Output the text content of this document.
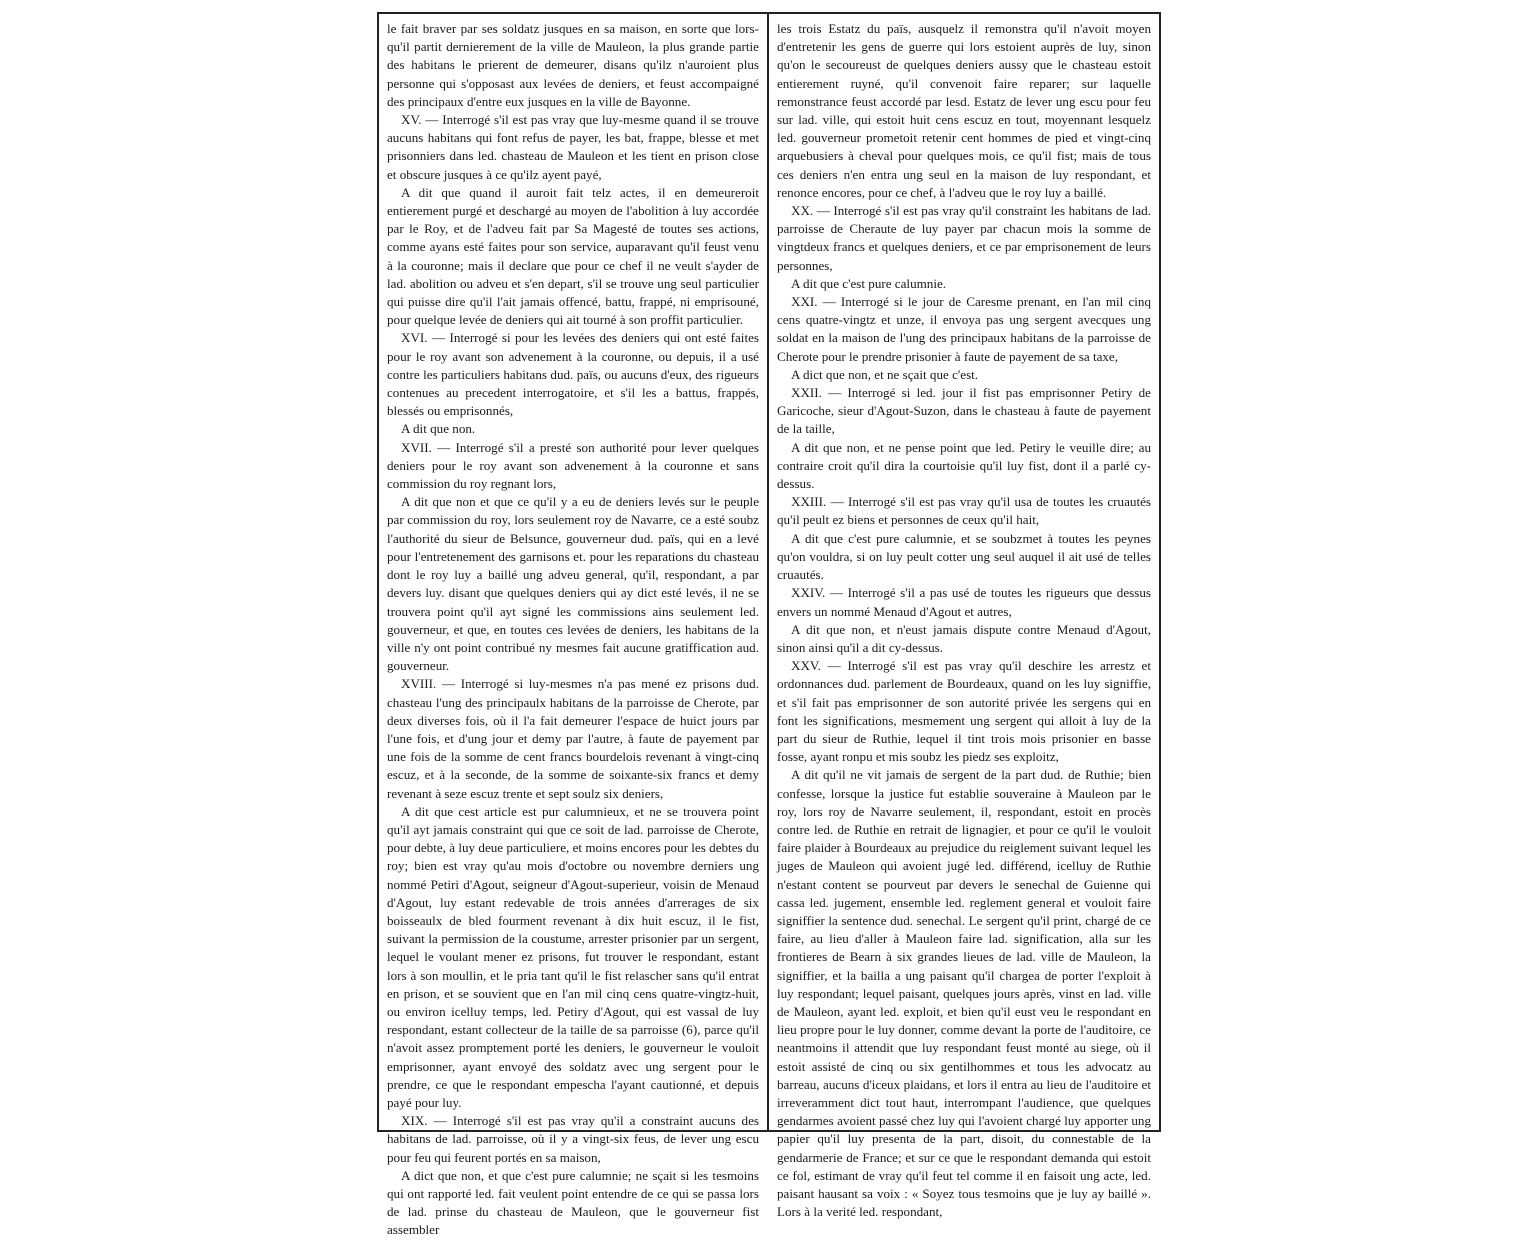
le fait braver par ses soldatz jusques en sa maison, en sorte que lors-qu'il partit dernierement de la ville de Mauleon, la plus grande partie des habitans le prierent de demeurer, disans qu'ilz n'auroient plus personne qui s'opposast aux levées de deniers, et feust accompaigné des principaux d'entre eux jusques en la ville de Bayonne.

XV. — Interrogé s'il est pas vray que luy-mesme quand il se trouve aucuns habitans qui font refus de payer, les bat, frappe, blesse et met prisonniers dans led. chasteau de Mauleon et les tient en prison close et obscure jusques à ce qu'ilz ayent payé,

A dit que quand il auroit fait telz actes, il en demeureroit entierement purgé et deschargé au moyen de l'abolition à luy accordée par le Roy, et de l'adveu fait par Sa Magesté de toutes ses actions, comme ayans esté faites pour son service, auparavant qu'il feust venu à la couronne; mais il declare que pour ce chef il ne veult s'ayder de lad. abolition ou adveu et s'en depart, s'il se trouve ung seul particulier qui puisse dire qu'il l'ait jamais offencé, battu, frappé, ni emprisouné, pour quelque levée de deniers qui ait tourné à son proffit particulier.

XVI. — Interrogé si pour les levées des deniers qui ont esté faites pour le roy avant son advenement à la couronne, ou depuis, il a usé contre les particuliers habitans dud. païs, ou aucuns d'eux, des rigueurs contenues au precedent interrogatoire, et s'il les a battus, frappés, blessés ou emprisonnés,

A dit que non.

XVII. — Interrogé s'il a presté son authorité pour lever quelques deniers pour le roy avant son advenement à la couronne et sans commission du roy regnant lors,

A dit que non et que ce qu'il y a eu de deniers levés sur le peuple par commission du roy, lors seulement roy de Navarre, ce a esté soubz l'authorité du sieur de Belsunce, gouverneur dud. païs, qui en a levé pour l'entretenement des garnisons et. pour les reparations du chasteau dont le roy luy a baillé ung adveu general, qu'il, respondant, a par devers luy. disant que quelques deniers qui ay dict esté levés, il ne se trouvera point qu'il ayt signé les commissions ains seulement led. gouverneur, et que, en toutes ces levées de deniers, les habitans de la ville n'y ont point contribué ny mesmes fait aucune gratiffication aud. gouverneur.

XVIII. — Interrogé si luy-mesmes n'a pas mené ez prisons dud. chasteau l'ung des principaulx habitans de la parroisse de Cherote, par deux diverses fois, où il l'a fait demeurer l'espace de huict jours par l'une fois, et d'ung jour et demy par l'autre, à faute de payement par une fois de la somme de cent francs bourdelois revenant à vingt-cinq escuz, et à la seconde, de la somme de soixante-six francs et demy revenant à seze escuz trente et sept soulz six deniers,

A dit que cest article est pur calumnieux, et ne se trouvera point qu'il ayt jamais constraint qui que ce soit de lad. parroisse de Cherote, pour debte, à luy deue particuliere, et moins encores pour les debtes du roy; bien est vray qu'au mois d'octobre ou novembre derniers ung nommé Petiri d'Agout, seigneur d'Agout-superieur, voisin de Menaud d'Agout, luy estant redevable de trois années d'arrerages de six boisseaulx de bled fourment revenant à dix huit escuz, il le fist, suivant la permission de la coustume, arrester prisonier par un sergent, lequel le voulant mener ez prisons, fut trouver le respondant, estant lors à son moullin, et le pria tant qu'il le fist relascher sans qu'il entrat en prison, et se souvient que en l'an mil cinq cens quatre-vingtz-huit, ou environ icelluy temps, led. Petiry d'Agout, qui est vassal de luy respondant, estant collecteur de la taille de sa parroisse (6), parce qu'il n'avoit assez promptement porté les deniers, le gouverneur le vouloit emprisonner, ayant envoyé des soldatz avec ung sergent pour le prendre, ce que le respondant empescha l'ayant cautionné, et depuis payé pour luy.

XIX. — Interrogé s'il est pas vray qu'il a constraint aucuns des habitans de lad. parroisse, où il y a vingt-six feus, de lever ung escu pour feu qui feurent portés en sa maison,

A dict que non, et que c'est pure calumnie; ne sçait si les tesmoins qui ont rapporté led. fait veulent point entendre de ce qui se passa lors de lad. prinse du chasteau de Mauleon, que le gouverneur fist assembler

les trois Estatz du païs, ausquelz il remonstra qu'il n'avoit moyen d'entretenir les gens de guerre qui lors estoient auprès de luy, sinon qu'on le secoureust de quelques deniers aussy que le chasteau estoit entierement ruyné, qu'il convenoit faire reparer; sur laquelle remonstrance feust accordé par lesd. Estatz de lever ung escu pour feu sur lad. ville, qui estoit huit cens escuz en tout, moyennant lesquelz led. gouverneur prometoit retenir cent hommes de pied et vingt-cinq arquebusiers à cheval pour quelques mois, ce qu'il fist; mais de tous ces deniers n'en entra ung seul en la maison de luy respondant, et renonce encores, pour ce chef, à l'adveu que le roy luy a baillé.

XX. — Interrogé s'il est pas vray qu'il constraint les habitans de lad. parroisse de Cheraute de luy payer par chacun mois la somme de vingtdeux francs et quelques deniers, et ce par emprisonement de leurs personnes,

A dit que c'est pure calumnie.

XXI. — Interrogé si le jour de Caresme prenant, en l'an mil cinq cens quatre-vingtz et unze, il envoya pas ung sergent avecques ung soldat en la maison de l'ung des principaux habitans de la parroisse de Cherote pour le prendre prisonier à faute de payement de sa taxe,

A dict que non, et ne sçait que c'est.

XXII. — Interrogé si led. jour il fist pas emprisonner Petiry de Garicoche, sieur d'Agout-Suzon, dans le chasteau à faute de payement de la taille,

A dit que non, et ne pense point que led. Petiry le veuille dire; au contraire croit qu'il dira la courtoisie qu'il luy fist, dont il a parlé cy-dessus.

XXIII. — Interrogé s'il est pas vray qu'il usa de toutes les cruautés qu'il peult ez biens et personnes de ceux qu'il hait,

A dit que c'est pure calumnie, et se soubzmet à toutes les peynes qu'on vouldra, si on luy peult cotter ung seul auquel il ait usé de telles cruautés.

XXIV. — Interrogé s'il a pas usé de toutes les rigueurs que dessus envers un nommé Menaud d'Agout et autres,

A dit que non, et n'eust jamais dispute contre Menaud d'Agout, sinon ainsi qu'il a dit cy-dessus.

XXV. — Interrogé s'il est pas vray qu'il deschire les arrestz et ordonnances dud. parlement de Bourdeaux, quand on les luy signiffie, et s'il fait pas emprisonner de son autorité privée les sergens qui en font les significations, mesmement ung sergent qui alloit à luy de la part du sieur de Ruthie, lequel il tint trois mois prisonier en basse fosse, ayant ronpu et mis soubz les piedz ses exploitz,

A dit qu'il ne vit jamais de sergent de la part dud. de Ruthie; bien confesse, lorsque la justice fut establie souveraine à Mauleon par le roy, lors roy de Navarre seulement, il, respondant, estoit en procès contre led. de Ruthie en retrait de lignagier, et pour ce qu'il le vouloit faire plaider à Bourdeaux au prejudice du reiglement suivant lequel les juges de Mauleon qui avoient jugé led. différend, icelluy de Ruthie n'estant content se pourveut par devers le senechal de Guienne qui cassa led. jugement, ensemble led. reglement general et vouloit faire signiffier la sentence dud. senechal. Le sergent qu'il print, chargé de ce faire, au lieu d'aller à Mauleon faire lad. signification, alla sur les frontieres de Bearn à six grandes lieues de lad. ville de Mauleon, la signiffier, et la bailla a ung paisant qu'il chargea de porter l'exploit à luy respondant; lequel paisant, quelques jours après, vinst en lad. ville de Mauleon, ayant led. exploit, et bien qu'il eust veu le respondant en lieu propre pour le luy donner, comme devant la porte de l'auditoire, ce neantmoins il attendit que luy respondant feust monté au siege, où il estoit assisté de cinq ou six gentilhommes et tous les advocatz au barreau, aucuns d'iceux plaidans, et lors il entra au lieu de l'auditoire et irreveramment dict tout haut, interrompant l'audience, que quelques gendarmes avoient passé chez luy qui l'avoient chargé luy apporter ung papier qu'il luy presenta de la part, disoit, du connestable de la gendarmerie de France; et sur ce que le respondant demanda qui estoit ce fol, estimant de vray qu'il feut tel comme il en faisoit ung acte, led. paisant hausant sa voix : « Soyez tous tesmoins que je luy ay baillé ». Lors à la verité led. respondant,
